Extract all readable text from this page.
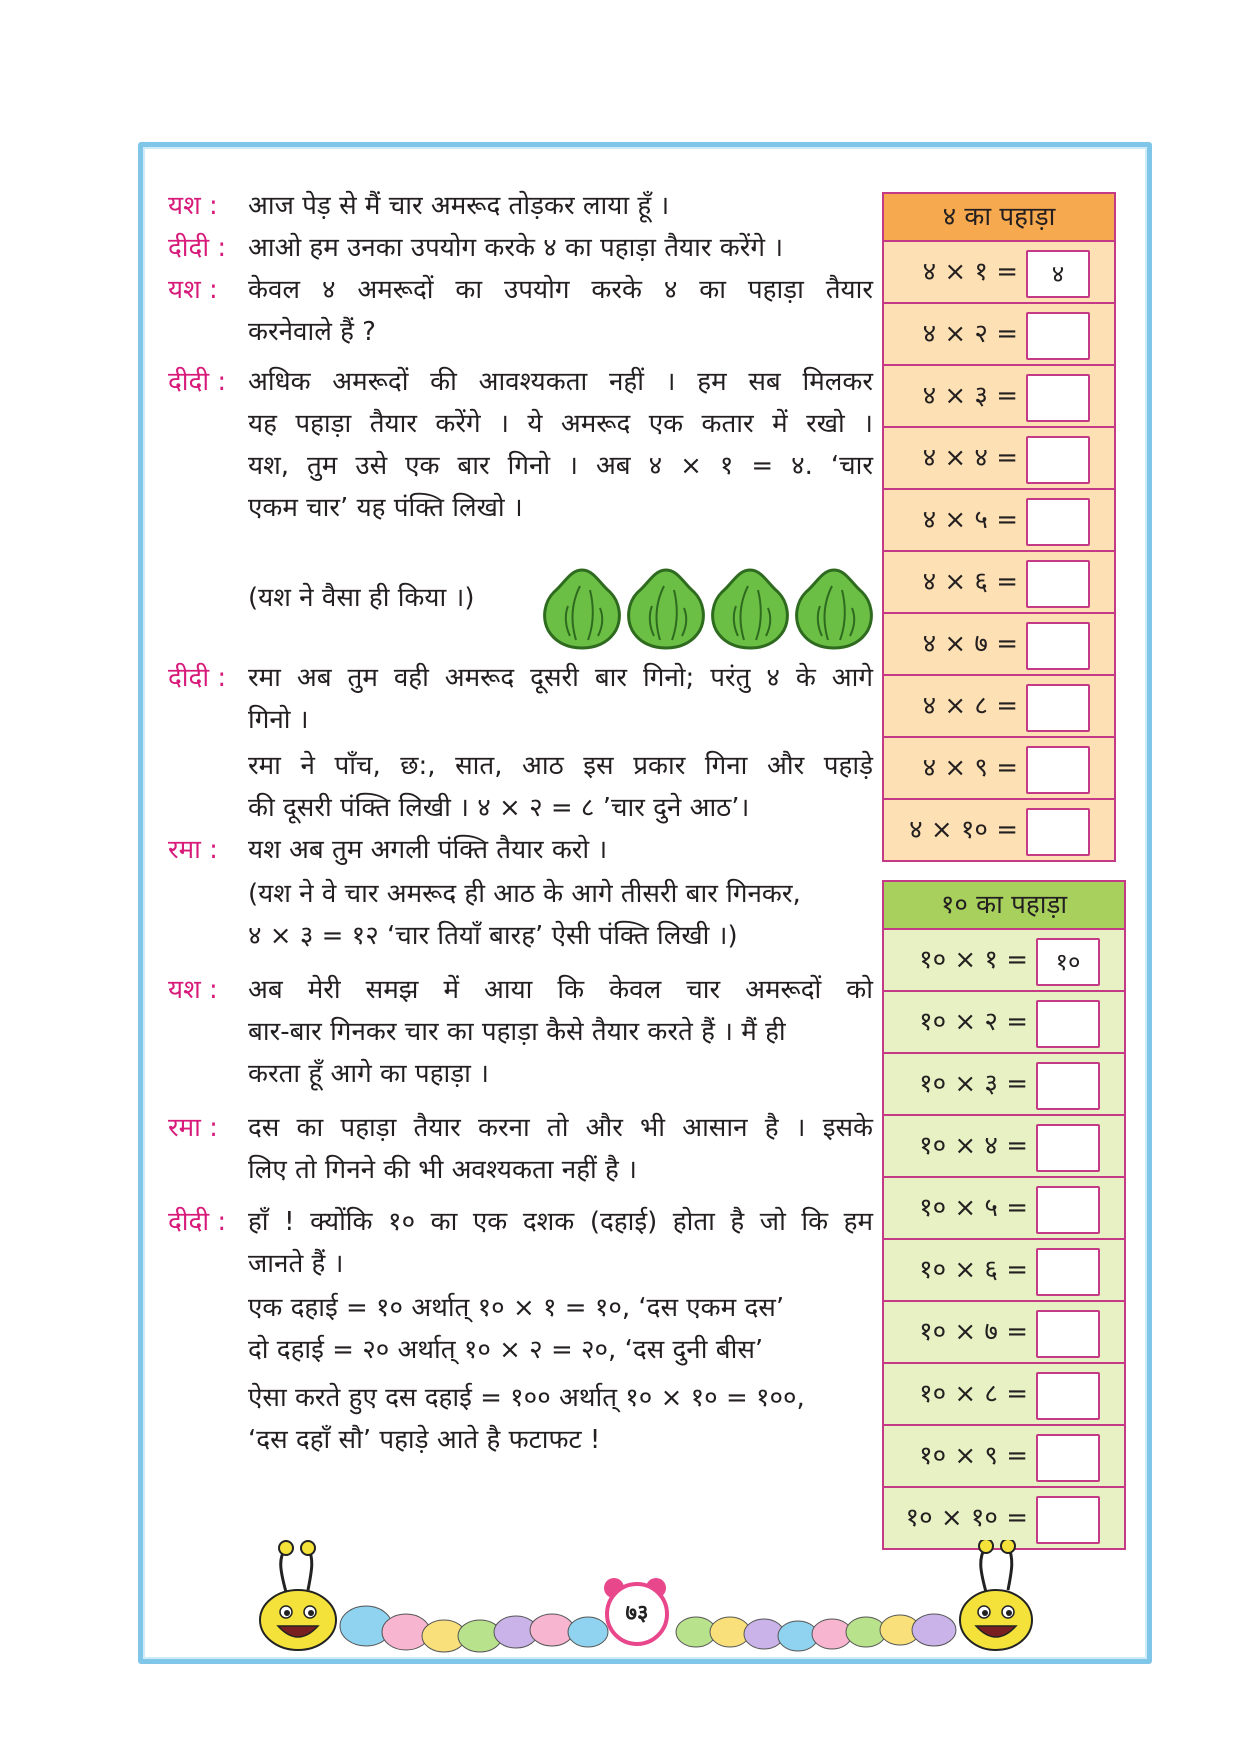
यश :	आज पेड़ से मैं चार अमरूद तोड़कर लाया हूँ ।
दीदी : आओ हम उनका उपयोग करके ४ का पहाड़ा तैयार करेंगे ।
यश :	केवल ४ अमरूदों का उपयोग करके ४ का पहाड़ा तैयार
करनेवाले हैं ?
दीदी : अधिक अमरूदों की आवश्यकता नहीं । हम सब मिलकर
यह पहाड़ा तैयार करेंगे । ये अमरूद एक कतार में रखो ।
यश, तुम उसे एक बार गिनो । अब ४ × १ = ४. ‘चार
एकम चार’ यह पंक्ति लिखो ।
(यश ने वैसा ही किया ।)
दीदी : रमा अब तुम वही अमरूद दूसरी बार गिनो; परंतु ४ के आगे
गिनो ।
रमा ने पाँच, छ:, सात, आठ इस प्रकार गिना और पहाड़े
की दूसरी पंक्ति लिखी । ४ × २ = ८ ’चार दुने आठ’।
रमा :	यश अब तुम अगली पंक्ति तैयार करो ।
(यश ने वे चार अमरूद ही आठ के आगे तीसरी बार गिनकर,
४ × ३ = १२ ‘चार तियाँ बारह’ ऐसी पंक्ति लिखी ।)
यश :	अब मेरी समझ में आया कि केवल चार अमरूदों को
बार-बार गिनकर चार का पहाड़ा कैसे तैयार करते हैं । मैं ही
करता हूँ आगे का पहाड़ा ।
रमा :	दस का पहाड़ा तैयार करना तो और भी आसान है । इसके
लिए तो गिनने की भी अवश्यकता नहीं है ।
दीदी : हाँ ! क्योंकि १० का एक दशक (दहाई) होता है जो कि हम
जानते हैं ।
एक दहाई = १० अर्थात् १० × १ = १०, ‘दस एकम दस’
दो दहाई = २० अर्थात् १० × २ = २०, ‘दस दुनी बीस’
ऐसा करते हुए दस दहाई = १०० अर्थात् १० × १० = १००,
‘दस दहाँ सौ’ पहाड़े आते है फटाफट !
४ का पहाड़ा
४ × १ =	४
४ × २ =
४ × ३ =
४ × ४ =
४ × ५ =
४ × ६ =
४ × ७ =
४ × ८ =
४ × ९ =
४ × १० =
१० का पहाड़ा
१० × १ =	१०
१० × २ =
१० × ३ =
१० × ४ =
१० × ५ =
१० × ६ =
१० × ७ =
१० × ८ =
१० × ९ =
१० × १० =
७३
